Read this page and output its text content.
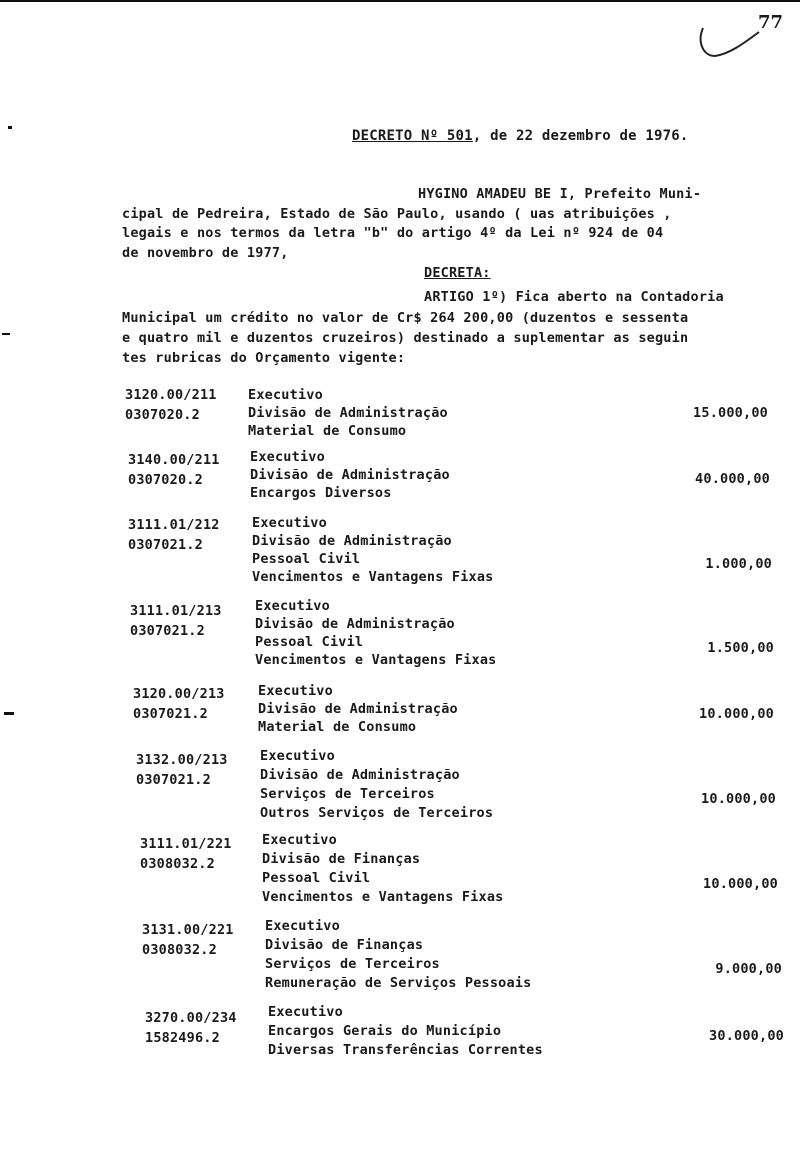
77
DECRETO Nº 501, de 22 dezembro de 1976.
HYGINO AMADEU BE I, Prefeito Muni-
cipal de Pedreira, Estado de São Paulo, usando ( uas atribuições ,
legais e nos termos da letra "b" do artigo 4º da Lei nº 924 de 04
de novembro de 1977,
DECRETA:
ARTIGO 1º) Fica aberto na Contadoria
Municipal um crédito no valor de Cr$ 264 200,00 (duzentos e sessenta
e quatro mil e duzentos cruzeiros) destinado a suplementar as seguin
tes rubricas do Orçamento vigente:
3120.00/211
0307020.2
Executivo
Divisão de Administração
Material de Consumo
15.000,00
3140.00/211
0307020.2
Executivo
Divisão de Administração
Encargos Diversos
40.000,00
3111.01/212
0307021.2
Executivo
Divisão de Administração
Pessoal Civil
Vencimentos e Vantagens Fixas
1.000,00
3111.01/213
0307021.2
Executivo
Divisão de Administração
Pessoal Civil
Vencimentos e Vantagens Fixas
1.500,00
3120.00/213
0307021.2
Executivo
Divisão de Administração
Material de Consumo
10.000,00
3132.00/213
0307021.2
Executivo
Divisão de Administração
Serviços de Terceiros
Outros Serviços de Terceiros
10.000,00
3111.01/221
0308032.2
Executivo
Divisão de Finanças
Pessoal Civil
Vencimentos e Vantagens Fixas
10.000,00
3131.00/221
0308032.2
Executivo
Divisão de Finanças
Serviços de Terceiros
Remuneração de Serviços Pessoais
9.000,00
3270.00/234
1582496.2
Executivo
Encargos Gerais do Município
Diversas Transferências Correntes
30.000,00
